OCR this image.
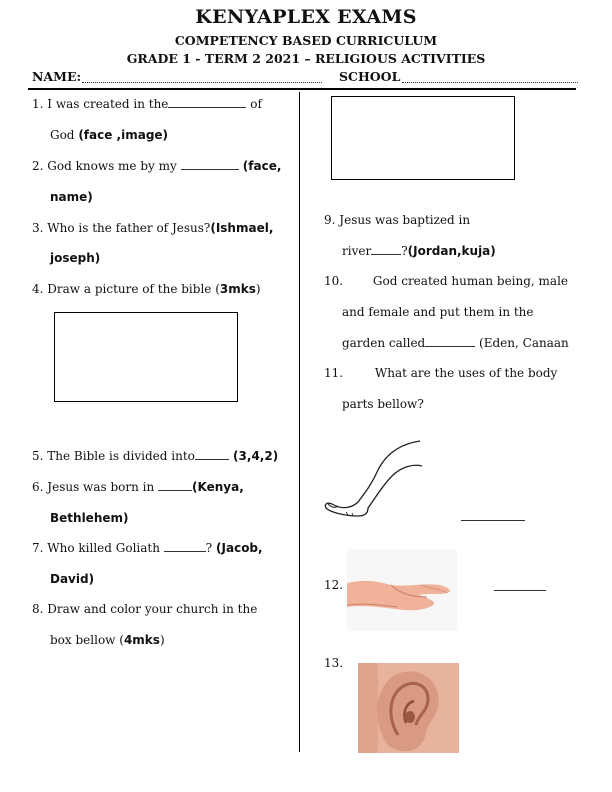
KENYAPLEX EXAMS
COMPETENCY BASED CURRICULUM
GRADE 1 - TERM 2 2021 – RELIGIOUS ACTIVITIES
NAME:	SCHOOL
1. I was created in the	of
God (face ,image)
2. God knows me by my	(face,
name)
3. Who is the father of Jesus?(Ishmael,
joseph)
4. Draw a picture of the bible (3mks)
5. The Bible is divided into	(3,4,2)
6. Jesus was born in	(Kenya,
Bethlehem)
7. Who killed Goliath	? (Jacob,
David)
8. Draw and color your church in the
box bellow (4mks)
9. Jesus was baptized in
river	?(Jordan,kuja)
10. God created human being, male
and female and put them in the
garden called	(Eden, Canaan
11.	What are the uses of the body
parts bellow?
12.
13.
